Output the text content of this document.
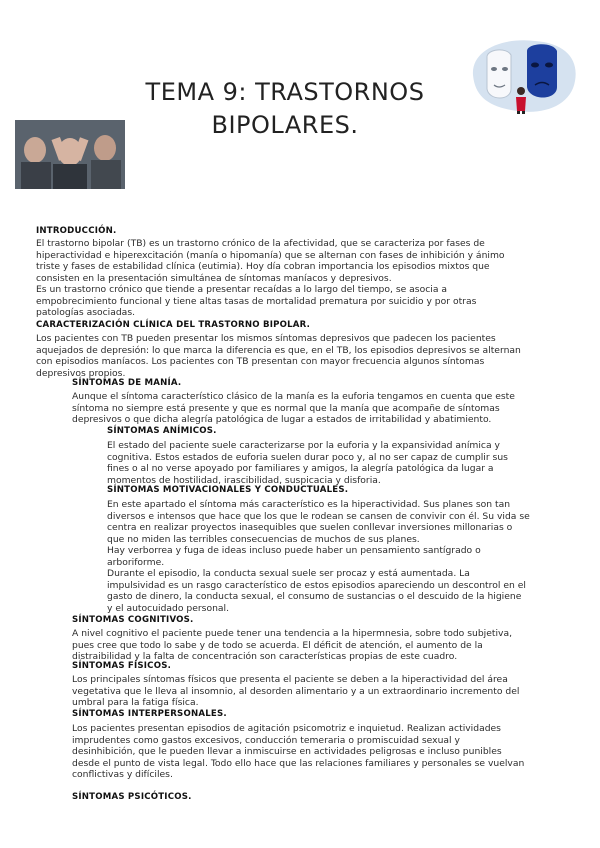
TEMA 9: TRASTORNOS
BIPOLARES.
INTRODUCCIÓN.
El trastorno bipolar (TB) es un trastorno crónico de la afectividad, que se caracteriza por fases de
hiperactividad e hiperexcitación (manía o hipomanía) que se alternan con fases de inhibición y ánimo
triste y fases de estabilidad clínica (eutimia). Hoy día cobran importancia los episodios mixtos que
consisten en la presentación simultánea de síntomas maníacos y depresivos.
Es un trastorno crónico que tiende a presentar recaídas a lo largo del tiempo, se asocia a
empobrecimiento funcional y tiene altas tasas de mortalidad prematura por suicidio y por otras
patologías asociadas.
CARACTERIZACIÓN CLÍNICA DEL TRASTORNO BIPOLAR.
Los pacientes con TB pueden presentar los mismos síntomas depresivos que padecen los pacientes
aquejados de depresión: lo que marca la diferencia es que, en el TB, los episodios depresivos se alternan
con episodios maníacos. Los pacientes con TB presentan con mayor frecuencia algunos síntomas
depresivos propios.
SÍNTOMAS DE MANÍA.
Aunque el síntoma característico clásico de la manía es la euforia tengamos en cuenta que este
síntoma no siempre está presente y que es normal que la manía que acompañe de síntomas
depresivos o que dicha alegría patológica de lugar a estados de irritabilidad y abatimiento.
SÍNTOMAS ANÍMICOS.
El estado del paciente suele caracterizarse por la euforia y la expansividad anímica y
cognitiva. Estos estados de euforia suelen durar poco y, al no ser capaz de cumplir sus
fines o al no verse apoyado por familiares y amigos, la alegría patológica da lugar a
momentos de hostilidad, irascibilidad, suspicacia y disforia.
SÍNTOMAS MOTIVACIONALES Y CONDUCTUALES.
En este apartado el síntoma más característico es la hiperactividad. Sus planes son tan
diversos e intensos que hace que los que le rodean se cansen de convivir con él. Su vida se
centra en realizar proyectos inasequibles que suelen conllevar inversiones millonarias o
que no miden las terribles consecuencias de muchos de sus planes.
Hay verborrea y fuga de ideas incluso puede haber un pensamiento santígrado o
arboriforme.
Durante el episodio, la conducta sexual suele ser procaz y está aumentada. La
impulsividad es un rasgo característico de estos episodios apareciendo un descontrol en el
gasto de dinero, la conducta sexual, el consumo de sustancias o el descuido de la higiene
y el autocuidado personal.
SÍNTOMAS COGNITIVOS.
A nivel cognitivo el paciente puede tener una tendencia a la hipermnesia, sobre todo subjetiva,
pues cree que todo lo sabe y de todo se acuerda. El déficit de atención, el aumento de la
distraibilidad y la falta de concentración son características propias de este cuadro.
SÍNTOMAS FÍSICOS.
Los principales síntomas físicos que presenta el paciente se deben a la hiperactividad del área
vegetativa que le lleva al insomnio, al desorden alimentario y a un extraordinario incremento del
umbral para la fatiga física.
SÍNTOMAS INTERPERSONALES.
Los pacientes presentan episodios de agitación psicomotriz e inquietud. Realizan actividades
imprudentes como gastos excesivos, conducción temeraria o promiscuidad sexual y
desinhibición, que le pueden llevar a inmiscuirse en actividades peligrosas e incluso punibles
desde el punto de vista legal. Todo ello hace que las relaciones familiares y personales se vuelvan
conflictivas y difíciles.
SÍNTOMAS PSICÓTICOS.
